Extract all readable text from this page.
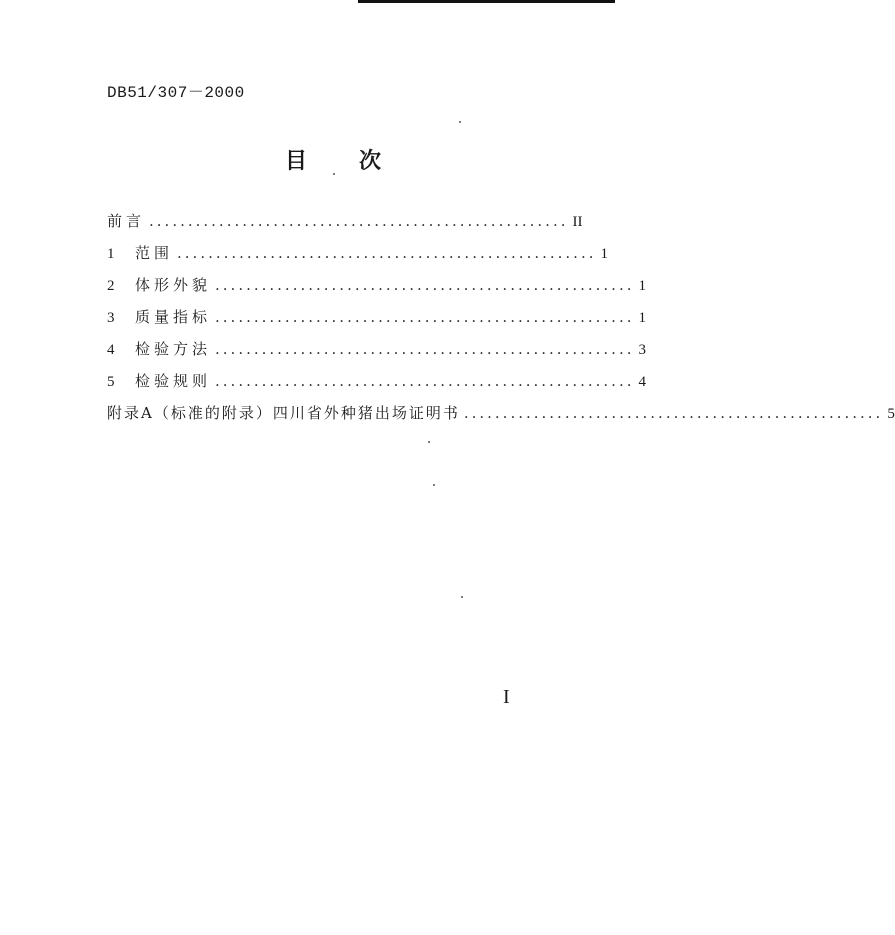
DB51/307－2000
目 次
前言 ...................................................... II
1	范围 ...................................................... 1
2	体形外貌 ...................................................... 1
3	质量指标 ...................................................... 1
4	检验方法 ...................................................... 3
5	检验规则 ...................................................... 4
附录A（标准的附录）四川省外种猪出场证明书 ...................................................... 5
I
